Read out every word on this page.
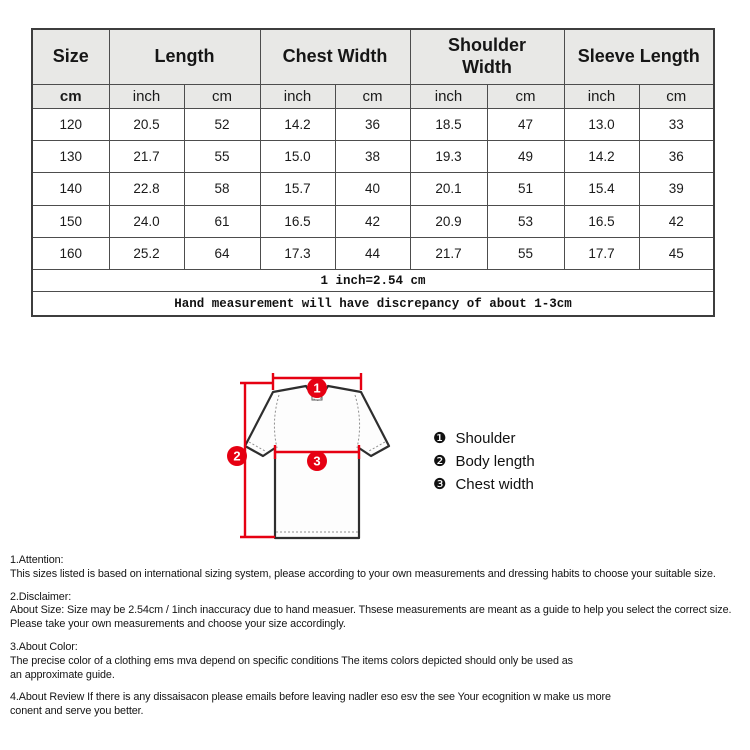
Size	Length		Chest Width		Shoulder Width		Sleeve Length	
cm	inch	cm	inch	cm	inch	cm	inch	cm
120	20.5	52	14.2	36	18.5	47	13.0	33
130	21.7	55	15.0	38	19.3	49	14.2	36
140	22.8	58	15.7	40	20.1	51	15.4	39
150	24.0	61	16.5	42	20.9	53	16.5	42
160	25.2	64	17.3	44	21.7	55	17.7	45
1 inch=2.54 cm								
Hand measurement will have discrepancy of about 1-3cm								
1
2	3
❶ Shoulder
❷ Body length
❸ Chest width
1.Attention:
This sizes listed is based on international sizing system, please according to your own measurements and dressing habits to choose your suitable size.
2.Disclaimer:
About Size: Size may be 2.54cm / 1inch inaccuracy due to hand measuer. Thsese measurements are meant as a guide to help you select the correct size.
Please take your own measurements and choose your size accordingly.
3.About Color:
The precise color of a clothing ems mva depend on specific conditions The items colors depicted should only be used as
an approximate guide.
4.About Review If there is any dissaisacon please emails before leaving nadler eso esv the see Your ecognition w make us more
conent and serve you better.
